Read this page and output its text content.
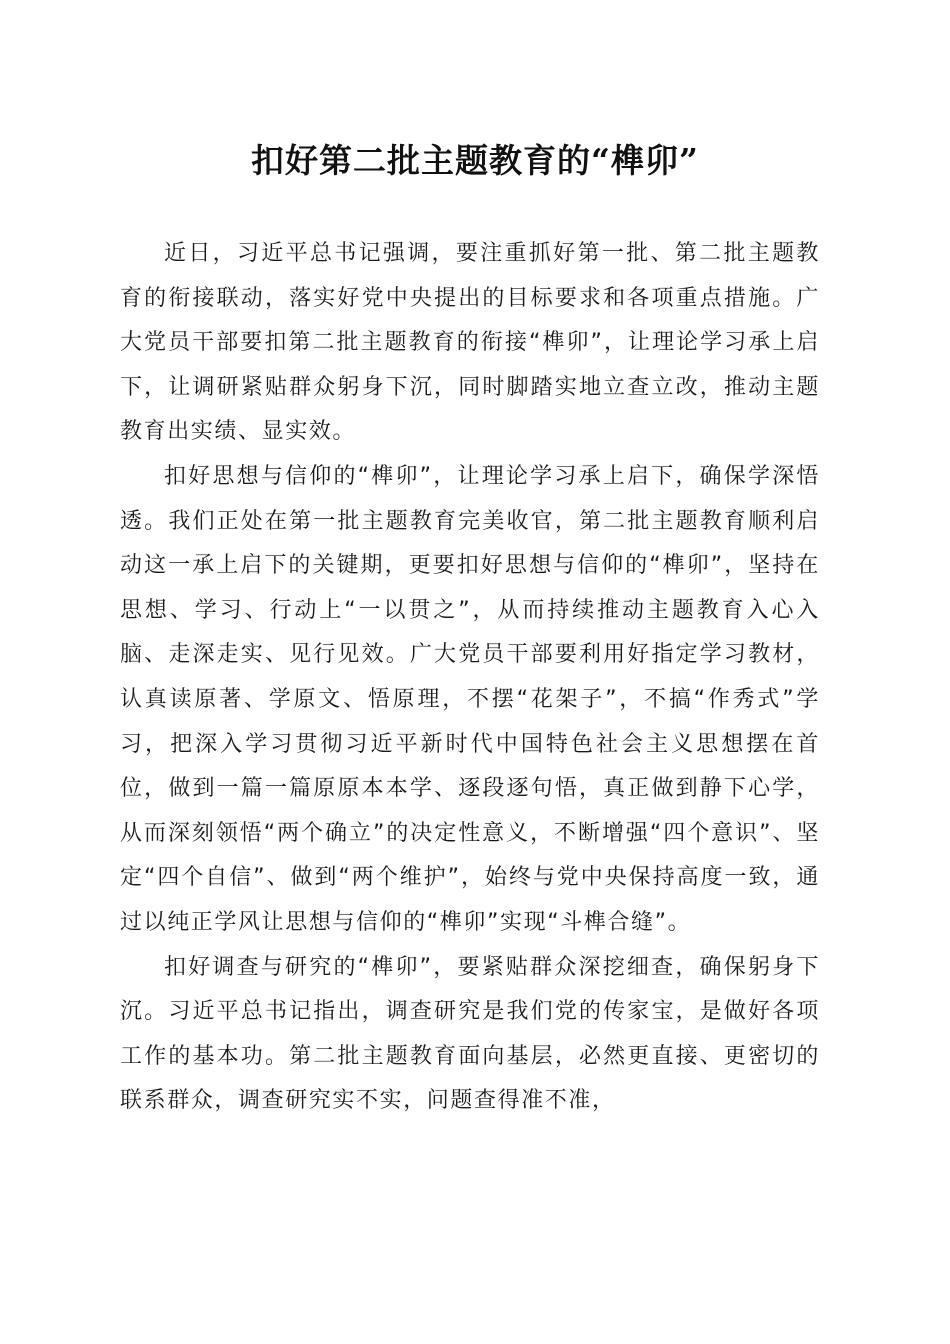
扣好第二批主题教育的“榫卯”

近日，习近平总书记强调，要注重抓好第一批、第二批主题教育的衔接联动，落实好党中央提出的目标要求和各项重点措施。广大党员干部要扣第二批主题教育的衔接“榫卯”，让理论学习承上启下，让调研紧贴群众躬身下沉，同时脚踏实地立查立改，推动主题教育出实绩、显实效。

扣好思想与信仰的“榫卯”，让理论学习承上启下，确保学深悟透。我们正处在第一批主题教育完美收官，第二批主题教育顺利启动这一承上启下的关键期，更要扣好思想与信仰的“榫卯”，坚持在思想、学习、行动上“一以贯之”，从而持续推动主题教育入心入脑、走深走实、见行见效。广大党员干部要利用好指定学习教材，认真读原著、学原文、悟原理，不摆“花架子”，不搞“作秀式”学习，把深入学习贯彻习近平新时代中国特色社会主义思想摆在首位，做到一篇一篇原原本本学、逐段逐句悟，真正做到静下心学，从而深刻领悟“两个确立”的决定性意义，不断增强“四个意识”、坚定“四个自信”、做到“两个维护”，始终与党中央保持高度一致，通过以纯正学风让思想与信仰的“榫卯”实现“斗榫合缝”。

扣好调查与研究的“榫卯”，要紧贴群众深挖细查，确保躬身下沉。习近平总书记指出，调查研究是我们党的传家宝，是做好各项工作的基本功。第二批主题教育面向基层，必然更直接、更密切的联系群众，调查研究实不实，问题查得准不准，
